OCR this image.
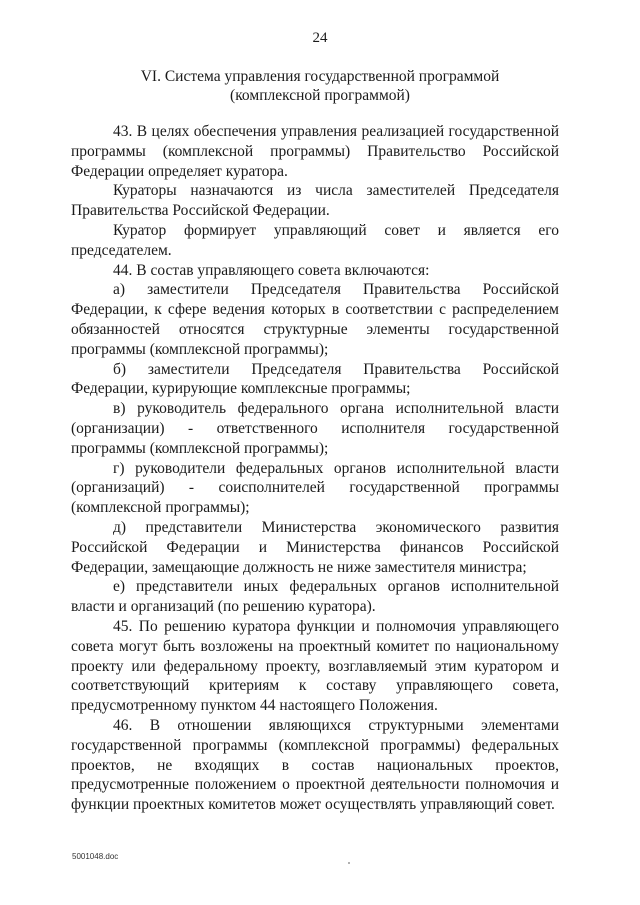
24
VI. Система управления государственной программой
(комплексной программой)

43. В целях обеспечения управления реализацией государственной программы (комплексной программы) Правительство Российской Федерации определяет куратора.

Кураторы назначаются из числа заместителей Председателя Правительства Российской Федерации.

Куратор формирует управляющий совет и является его председателем.

44. В состав управляющего совета включаются:

а) заместители Председателя Правительства Российской Федерации, к сфере ведения которых в соответствии с распределением обязанностей относятся структурные элементы государственной программы (комплексной программы);

б) заместители Председателя Правительства Российской Федерации, курирующие комплексные программы;

в) руководитель федерального органа исполнительной власти (организации) - ответственного исполнителя государственной программы (комплексной программы);

г) руководители федеральных органов исполнительной власти (организаций) - соисполнителей государственной программы (комплексной программы);

д) представители Министерства экономического развития Российской Федерации и Министерства финансов Российской Федерации, замещающие должность не ниже заместителя министра;

е) представители иных федеральных органов исполнительной власти и организаций (по решению куратора).

45. По решению куратора функции и полномочия управляющего совета могут быть возложены на проектный комитет по национальному проекту или федеральному проекту, возглавляемый этим куратором и соответствующий критериям к составу управляющего совета, предусмотренному пунктом 44 настоящего Положения.

46. В отношении являющихся структурными элементами государственной программы (комплексной программы) федеральных проектов, не входящих в состав национальных проектов, предусмотренные положением о проектной деятельности полномочия и функции проектных комитетов может осуществлять управляющий совет.

5001048.doc
